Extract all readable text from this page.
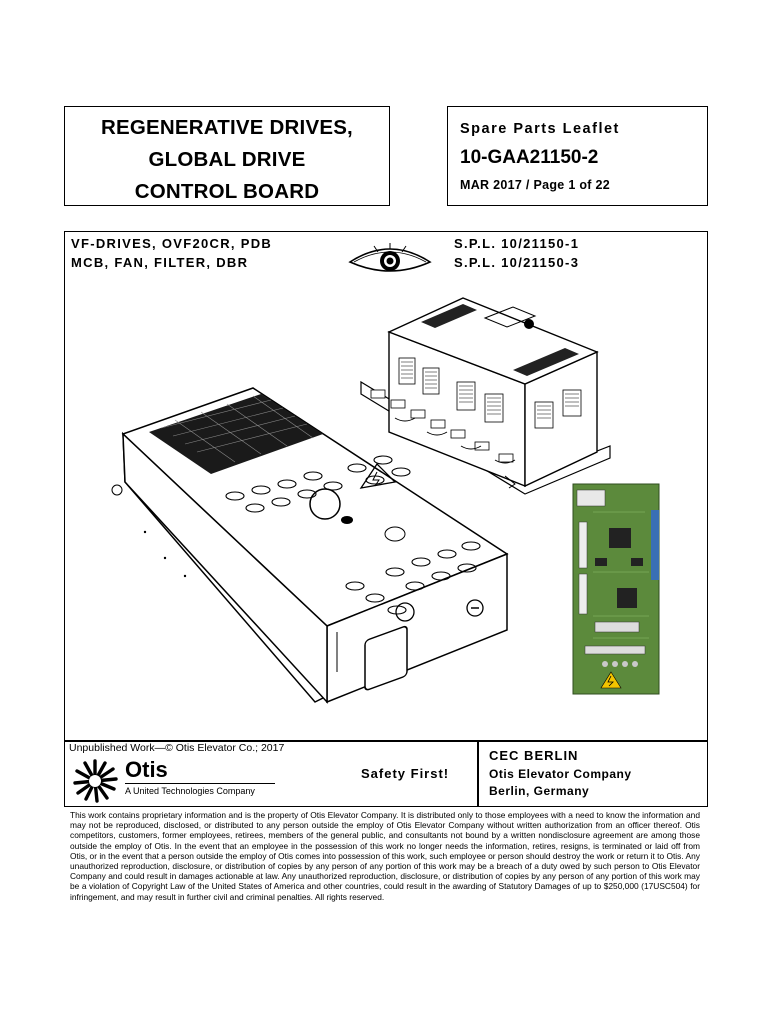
REGENERATIVE DRIVES,
GLOBAL DRIVE
CONTROL BOARD
Spare Parts Leaflet
10-GAA21150-2
MAR 2017 / Page 1 of 22
VF-DRIVES, OVF20CR, PDB
MCB, FAN, FILTER, DBR
S.P.L. 10/21150-1
S.P.L. 10/21150-3
Unpublished Work—© Otis Elevator Co.; 2017
Otis
A United Technologies Company
Safety First!
CEC BERLIN
Otis Elevator Company
Berlin, Germany
This work contains proprietary information and is the property of Otis Elevator Company. It is distributed only to those employees with a need to know the information and may not be reproduced, disclosed, or distributed to any person outside the employ of Otis Elevator Company without written authorization from an officer thereof. Otis competitors, customers, former employees, retirees, members of the general public, and consultants not bound by a written nondisclosure agreement are among those outside the employ of Otis. In the event that an employee in the possession of this work no longer needs the information, retires, resigns, is terminated or laid off from Otis, or in the event that a person outside the employ of Otis comes into possession of this work, such employee or person should destroy the work or return it to Otis. Any unauthorized reproduction, disclosure, or distribution of copies by any person of any portion of this work may be a breach of a duty owed by such person to Otis Elevator Company and could result in damages actionable at law. Any unauthorized reproduction, disclosure, or distribution of copies by any person of any portion of this work may be a violation of Copyright Law of the United States of America and other countries, could result in the awarding of Statutory Damages of up to $250,000 (17USC504) for infringement, and may result in further civil and criminal penalties. All rights reserved.
